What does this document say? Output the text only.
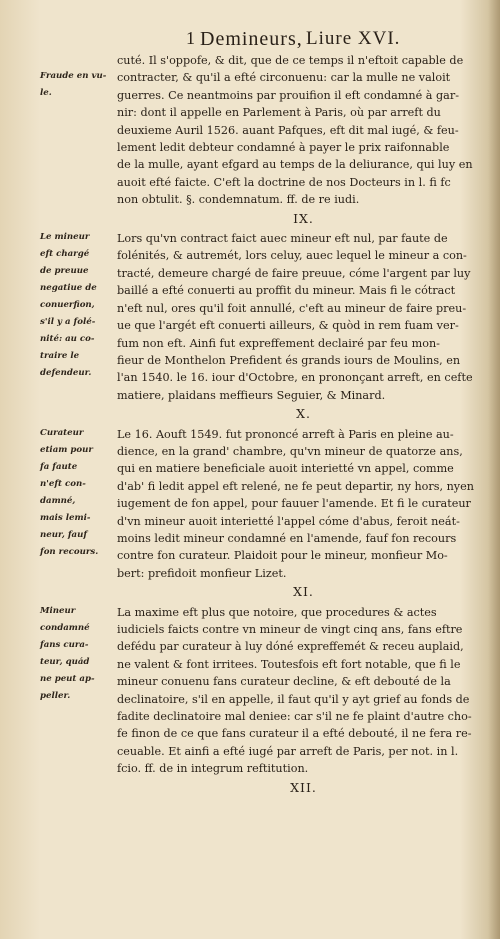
1 Demineurs, Liure XVI.
Fraude en vu-
le.
Le mineur
eft chargé
de preuue
negatiue de
conuerfion,
s'il y a folé-
nité: au co-
traire le
defendeur.
Curateur
etiam pour
fa faute
n'eft con-
damné,
mais lemi-
neur, fauf
fon recours.
Mineur
condamné
fans cura-
teur, quád
ne peut ap-
peller.

cuté. Il s'oppofe, & dit, que de ce temps il n'eftoit capable de
contracter, & qu'il a efté circonuenu: car la mulle ne valoit
guerres. Ce neantmoins par prouifion il eft condamné à gar-
nir: dont il appelle en Parlement à Paris, où par arreft du
deuxieme Auril 1526. auant Pafques, eft dit mal iugé, & feu-
lement ledit debteur condamné à payer le prix raifonnable
de la mulle, ayant efgard au temps de la deliurance, qui luy en
auoit efté faicte. C'eft la doctrine de nos Docteurs in l. fi fc
non obtulit. §. condemnatum. ff. de re iudi.

IX.

Lors qu'vn contract faict auec mineur eft nul, par faute de
folénités, & autremét, lors celuy, auec lequel le mineur a con-
tracté, demeure chargé de faire preuue, cóme l'argent par luy
baillé a efté conuerti au proffit du mineur. Mais fi le cótract
n'eft nul, ores qu'il foit annullé, c'eft au mineur de faire preu-
ue que l'argét eft conuerti ailleurs, & quòd in rem fuam ver-
fum non eft. Ainfi fut expreffement declairé par feu mon-
fieur de Monthelon Prefident és grands iours de Moulins, en
l'an 1540. le 16. iour d'Octobre, en prononçant arreft, en cefte
matiere, plaidans meffieurs Seguier, & Minard.

X.

Le 16. Aouft 1549. fut prononcé arreft à Paris en pleine au-
dience, en la grand' chambre, qu'vn mineur de quatorze ans,
qui en matiere beneficiale auoit interietté vn appel, comme
d'ab' fi ledit appel eft relené, ne fe peut departir, ny hors, nyen
iugement de fon appel, pour fauuer l'amende. Et fi le curateur
d'vn mineur auoit interietté l'appel cóme d'abus, feroit neát-
moins ledit mineur condamné en l'amende, fauf fon recours
contre fon curateur. Plaidoit pour le mineur, monfieur Mo-
bert: prefidoit monfieur Lizet.

XI.

La maxime eft plus que notoire, que procedures & actes
iudiciels faicts contre vn mineur de vingt cinq ans, fans eftre
defédu par curateur à luy dóné expreffemét & receu auplaid,
ne valent & font irritees. Toutesfois eft fort notable, que fi le
mineur conuenu fans curateur decline, & eft debouté de la
declinatoire, s'il en appelle, il faut qu'il y ayt grief au fonds de
fadite declinatoire mal deniee: car s'il ne fe plaint d'autre cho-
fe finon de ce que fans curateur il a efté debouté, il ne fera re-
ceuable. Et ainfi a efté iugé par arreft de Paris, per not. in l.
fcio. ff. de in integrum reftitution.

XII.
